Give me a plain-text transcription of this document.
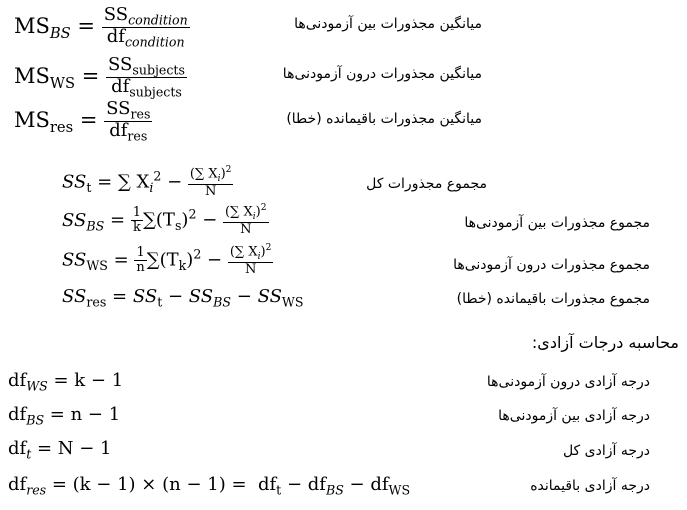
$MS_{BS} = \frac{SS_{condition}}{df_{condition}}$	میانگین مجذورات بین آزمودنی‌ها
$MS_{WS} = \frac{SS_{subjects}}{df_{subjects}}$	میانگین مجذورات درون آزمودنی‌ها
$MS_{res} = \frac{SS_{res}}{df_{res}}$	میانگین مجذورات باقیمانده (خطا)
$SS_t$ = ∑ $X_i^2 - \frac{(\sum X_i)^2}{N}$	مجموع مجذورات کل
$SS_{BS} = \frac{1}{k} \sum(T_s)^2 - \frac{(\sum X_i)^2}{N}$	مجموع مجذورات بین آزمودنی‌ها
$SS_{WS} = \frac{1}{n} \sum(T_k)^2 - \frac{(\sum X_i)^2}{N}$	مجموع مجذورات درون آزمودنی‌ها
$SS_{res} = SS_t - SS_{BS} - SS_{WS}$	مجموع مجذورات باقیمانده (خطا)
محاسبه درجات آزادی:
$df_{WS} = k - 1$	درجه آزادی درون آزمودنی‌ها
$df_{BS} = n - 1$	درجه آزادی بین آزمودنی‌ها
$df_t = N - 1$	درجه آزادی کل
$df_{res} = (k - 1) \times (n - 1) = df_t - df_{BS} - df_{WS}$	درجه آزادی باقیمانده
